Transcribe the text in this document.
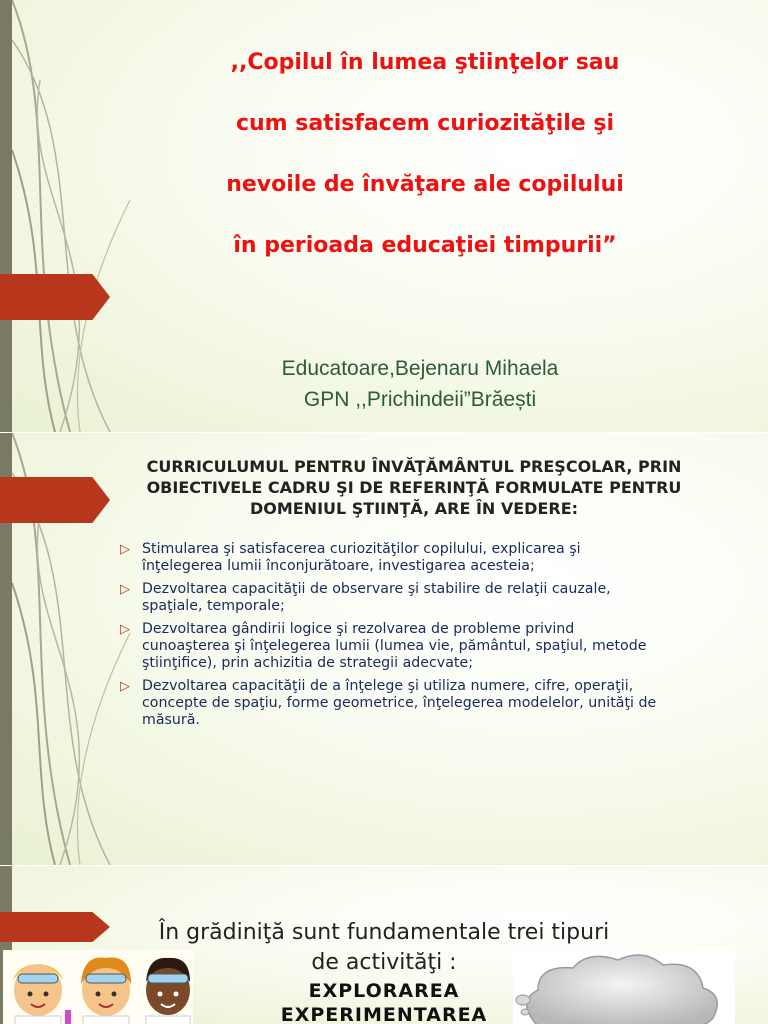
,,Copilul în lumea ştiinţelor sau
cum satisfacem curiozităţile şi
nevoile de învăţare ale copilului
în perioada educaţiei timpurii”
Educatoare,Bejenaru Mihaela
GPN ,,Prichindeii”Brăești
CURRICULUMUL PENTRU ÎNVĂŢĂMÂNTUL PREŞCOLAR, PRIN OBIECTIVELE CADRU ŞI DE REFERINŢĂ FORMULATE PENTRU DOMENIUL ŞTIINŢĂ, ARE ÎN VEDERE:
▷ Stimularea şi satisfacerea curiozităţilor copilului, explicarea şi înţelegerea lumii înconjurătoare, investigarea acesteia;
▷ Dezvoltarea capacităţii de observare şi stabilire de relaţii cauzale, spaţiale, temporale;
▷ Dezvoltarea gândirii logice şi rezolvarea de probleme privind cunoaşterea şi înţelegerea lumii (lumea vie, pământul, spaţiul, metode ştiinţifice), prin achizitia de strategii adecvate;
▷ Dezvoltarea capacităţii de a înţelege şi utiliza numere, cifre, operaţii, concepte de spaţiu, forme geometrice, înţelegerea modelelor, unităţi de măsură.
În grădiniţă sunt fundamentale trei tipuri
de activităţi :
EXPLORAREA
EXPERIMENTAREA
